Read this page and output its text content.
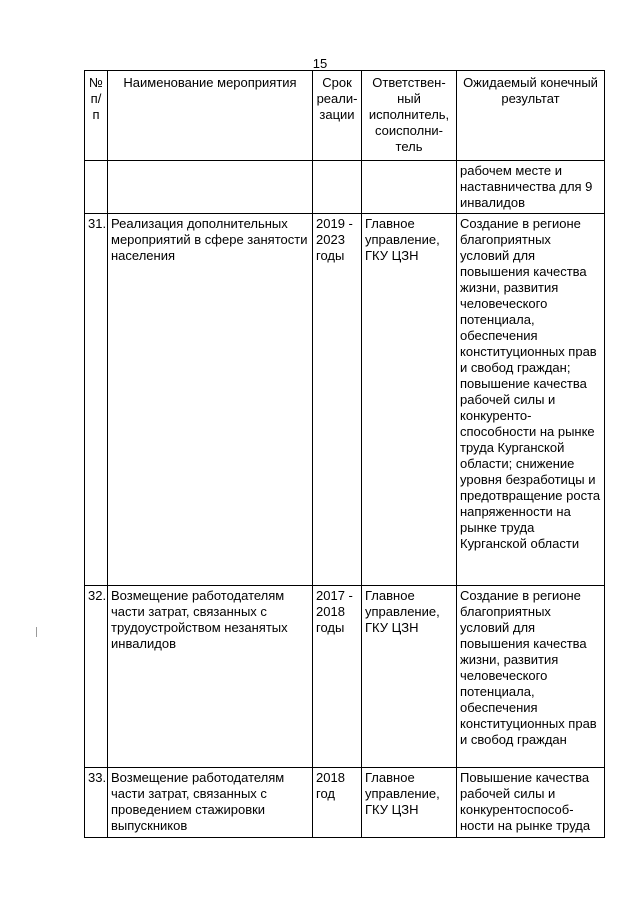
15
№ п/п	Наименование мероприятия	Срок реали-зации	Ответствен-ный исполнитель, соисполни-тель	Ожидаемый конечный результат
				рабочем месте и наставничества для 9 инвалидов
31.	Реализация дополнительных мероприятий в сфере занятости населения	2019 - 2023 годы	Главное управление, ГКУ ЦЗН	Создание в регионе благоприятных условий для повышения качества жизни, развития человеческого потенциала, обеспечения конституционных прав и свобод граждан; повышение качества рабочей силы и конкуренто-способности на рынке труда Курганской области; снижение уровня безработицы и предотвращение роста напряженности на рынке труда Курганской области
32.	Возмещение работодателям части затрат, связанных с трудоустройством незанятых инвалидов	2017 - 2018 годы	Главное управление, ГКУ ЦЗН	Создание в регионе благоприятных условий для повышения качества жизни, развития человеческого потенциала, обеспечения конституционных прав и свобод граждан
33.	Возмещение работодателям части затрат, связанных с проведением стажировки выпускников	2018 год	Главное управление, ГКУ ЦЗН	Повышение качества рабочей силы и конкурентоспособ-ности на рынке труда
